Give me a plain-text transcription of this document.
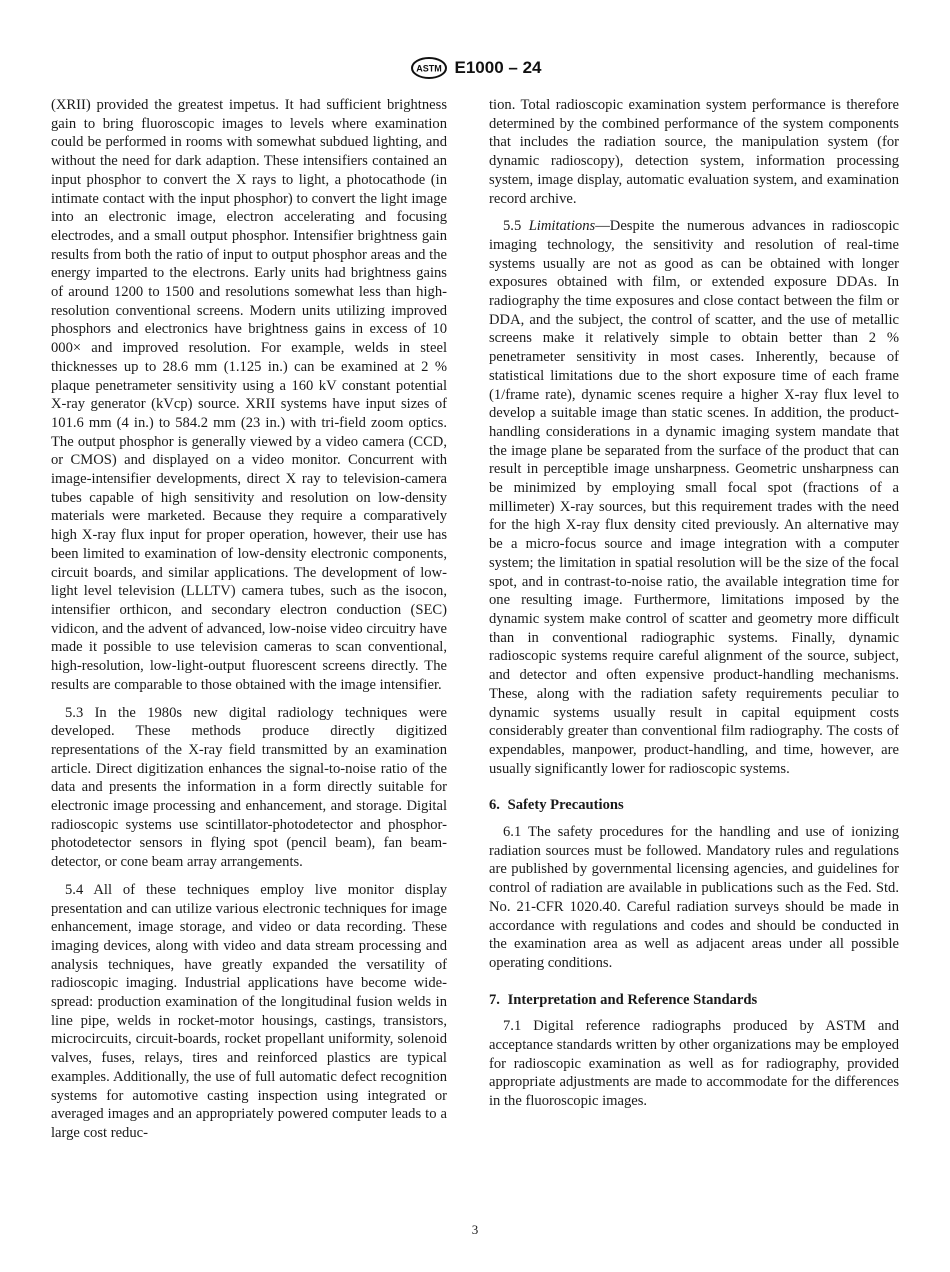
ASTM E1000 – 24

(XRII) provided the greatest impetus. It had sufficient brightness gain to bring fluoroscopic images to levels where examination could be performed in rooms with somewhat subdued lighting, and without the need for dark adaption. These intensifiers contained an input phosphor to convert the X rays to light, a photocathode (in intimate contact with the input phosphor) to convert the light image into an electronic image, electron accelerating and focusing electrodes, and a small output phosphor. Intensifier brightness gain results from both the ratio of input to output phosphor areas and the energy imparted to the electrons. Early units had brightness gains of around 1200 to 1500 and resolutions somewhat less than high-resolution conventional screens. Modern units utilizing improved phosphors and electronics have brightness gains in excess of 10 000× and improved resolution. For example, welds in steel thicknesses up to 28.6 mm (1.125 in.) can be examined at 2 % plaque penetrameter sensitivity using a 160 kV constant potential X-ray generator (kVcp) source. XRII systems have input sizes of 101.6 mm (4 in.) to 584.2 mm (23 in.) with tri-field zoom optics. The output phosphor is generally viewed by a video camera (CCD, or CMOS) and displayed on a video monitor. Concurrent with image-intensifier developments, direct X ray to television-camera tubes capable of high sensitivity and resolution on low-density materials were marketed. Because they require a comparatively high X-ray flux input for proper operation, however, their use has been limited to examination of low-density electronic components, circuit boards, and similar applications. The development of low-light level television (LLLTV) camera tubes, such as the isocon, intensifier orthicon, and secondary electron conduction (SEC) vidicon, and the advent of advanced, low-noise video circuitry have made it possible to use television cameras to scan conventional, high-resolution, low-light-output fluorescent screens directly. The results are comparable to those obtained with the image intensifier.

5.3 In the 1980s new digital radiology techniques were developed. These methods produce directly digitized representations of the X-ray field transmitted by an examination article. Direct digitization enhances the signal-to-noise ratio of the data and presents the information in a form directly suitable for electronic image processing and enhancement, and storage. Digital radioscopic systems use scintillator-photodetector and phosphor-photodetector sensors in flying spot (pencil beam), fan beam-detector, or cone beam array arrangements.

5.4 All of these techniques employ live monitor display presentation and can utilize various electronic techniques for image enhancement, image storage, and video or data recording. These imaging devices, along with video and data stream processing and analysis techniques, have greatly expanded the versatility of radioscopic imaging. Industrial applications have become wide-spread: production examination of the longitudinal fusion welds in line pipe, welds in rocket-motor housings, castings, transistors, microcircuits, circuit-boards, rocket propellant uniformity, solenoid valves, fuses, relays, tires and reinforced plastics are typical examples. Additionally, the use of full automatic defect recognition systems for automotive casting inspection using integrated or averaged images and an appropriately powered computer leads to a large cost reduc-

tion. Total radioscopic examination system performance is therefore determined by the combined performance of the system components that includes the radiation source, the manipulation system (for dynamic radioscopy), detection system, information processing system, image display, automatic evaluation system, and examination record archive.

5.5 Limitations—Despite the numerous advances in radioscopic imaging technology, the sensitivity and resolution of real-time systems usually are not as good as can be obtained with longer exposures obtained with film, or extended exposure DDAs. In radiography the time exposures and close contact between the film or DDA, and the subject, the control of scatter, and the use of metallic screens make it relatively simple to obtain better than 2 % penetrameter sensitivity in most cases. Inherently, because of statistical limitations due to the short exposure time of each frame (1/frame rate), dynamic scenes require a higher X-ray flux level to develop a suitable image than static scenes. In addition, the product-handling considerations in a dynamic imaging system mandate that the image plane be separated from the surface of the product that can result in perceptible image unsharpness. Geometric unsharpness can be minimized by employing small focal spot (fractions of a millimeter) X-ray sources, but this requirement trades with the need for the high X-ray flux density cited previously. An alternative may be a micro-focus source and image integration with a computer system; the limitation in spatial resolution will be the size of the focal spot, and in contrast-to-noise ratio, the available integration time for one resulting image. Furthermore, limitations imposed by the dynamic system make control of scatter and geometry more difficult than in conventional radiographic systems. Finally, dynamic radioscopic systems require careful alignment of the source, subject, and detector and often expensive product-handling mechanisms. These, along with the radiation safety requirements peculiar to dynamic systems usually result in capital equipment costs considerably greater than conventional film radiography. The costs of expendables, manpower, product-handling, and time, however, are usually significantly lower for radioscopic systems.

6. Safety Precautions

6.1 The safety procedures for the handling and use of ionizing radiation sources must be followed. Mandatory rules and regulations are published by governmental licensing agencies, and guidelines for control of radiation are available in publications such as the Fed. Std. No. 21-CFR 1020.40. Careful radiation surveys should be made in accordance with regulations and codes and should be conducted in the examination area as well as adjacent areas under all possible operating conditions.

7. Interpretation and Reference Standards

7.1 Digital reference radiographs produced by ASTM and acceptance standards written by other organizations may be employed for radioscopic examination as well as for radiography, provided appropriate adjustments are made to accommodate for the differences in the fluoroscopic images.

3
